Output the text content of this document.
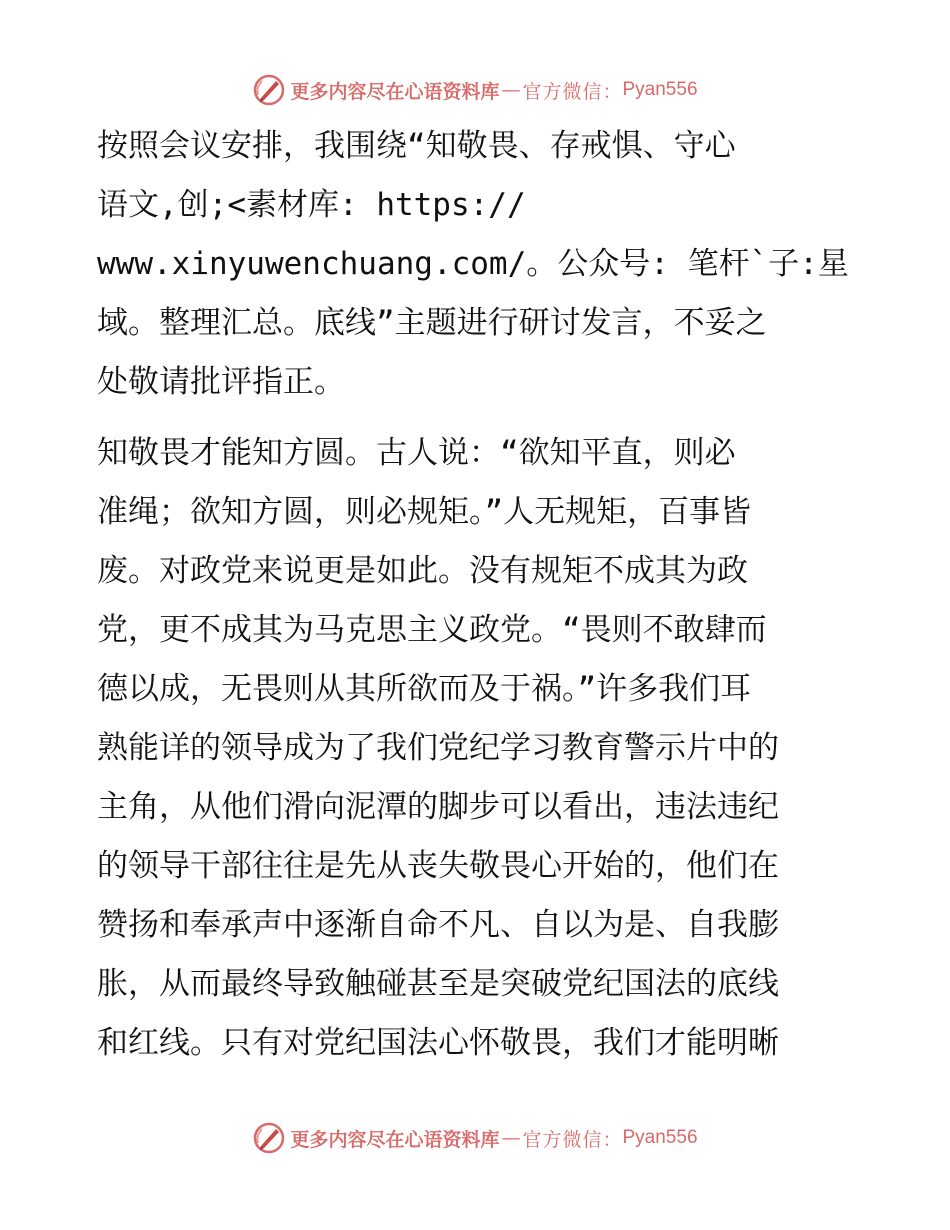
更多内容尽在心语资料库 — 官方微信： Pyan556
按照会议安排，我围绕“知敬畏、存戒惧、守心
语文,创;<素材库: https://
www.xinyuwenchuang.com/。公众号: 笔杆`子:星
域。整理汇总。底线”主题进行研讨发言，不妥之
处敬请批评指正。
知敬畏才能知方圆。古人说：“欲知平直，则必
准绳；欲知方圆，则必规矩。”人无规矩，百事皆
废。对政党来说更是如此。没有规矩不成其为政
党，更不成其为马克思主义政党。“畏则不敢肆而
德以成，无畏则从其所欲而及于祸。”许多我们耳
熟能详的领导成为了我们党纪学习教育警示片中的
主角，从他们滑向泥潭的脚步可以看出，违法违纪
的领导干部往往是先从丧失敬畏心开始的，他们在
赞扬和奉承声中逐渐自命不凡、自以为是、自我膨
胀，从而最终导致触碰甚至是突破党纪国法的底线
和红线。只有对党纪国法心怀敬畏，我们才能明晰
更多内容尽在心语资料库 — 官方微信： Pyan556
